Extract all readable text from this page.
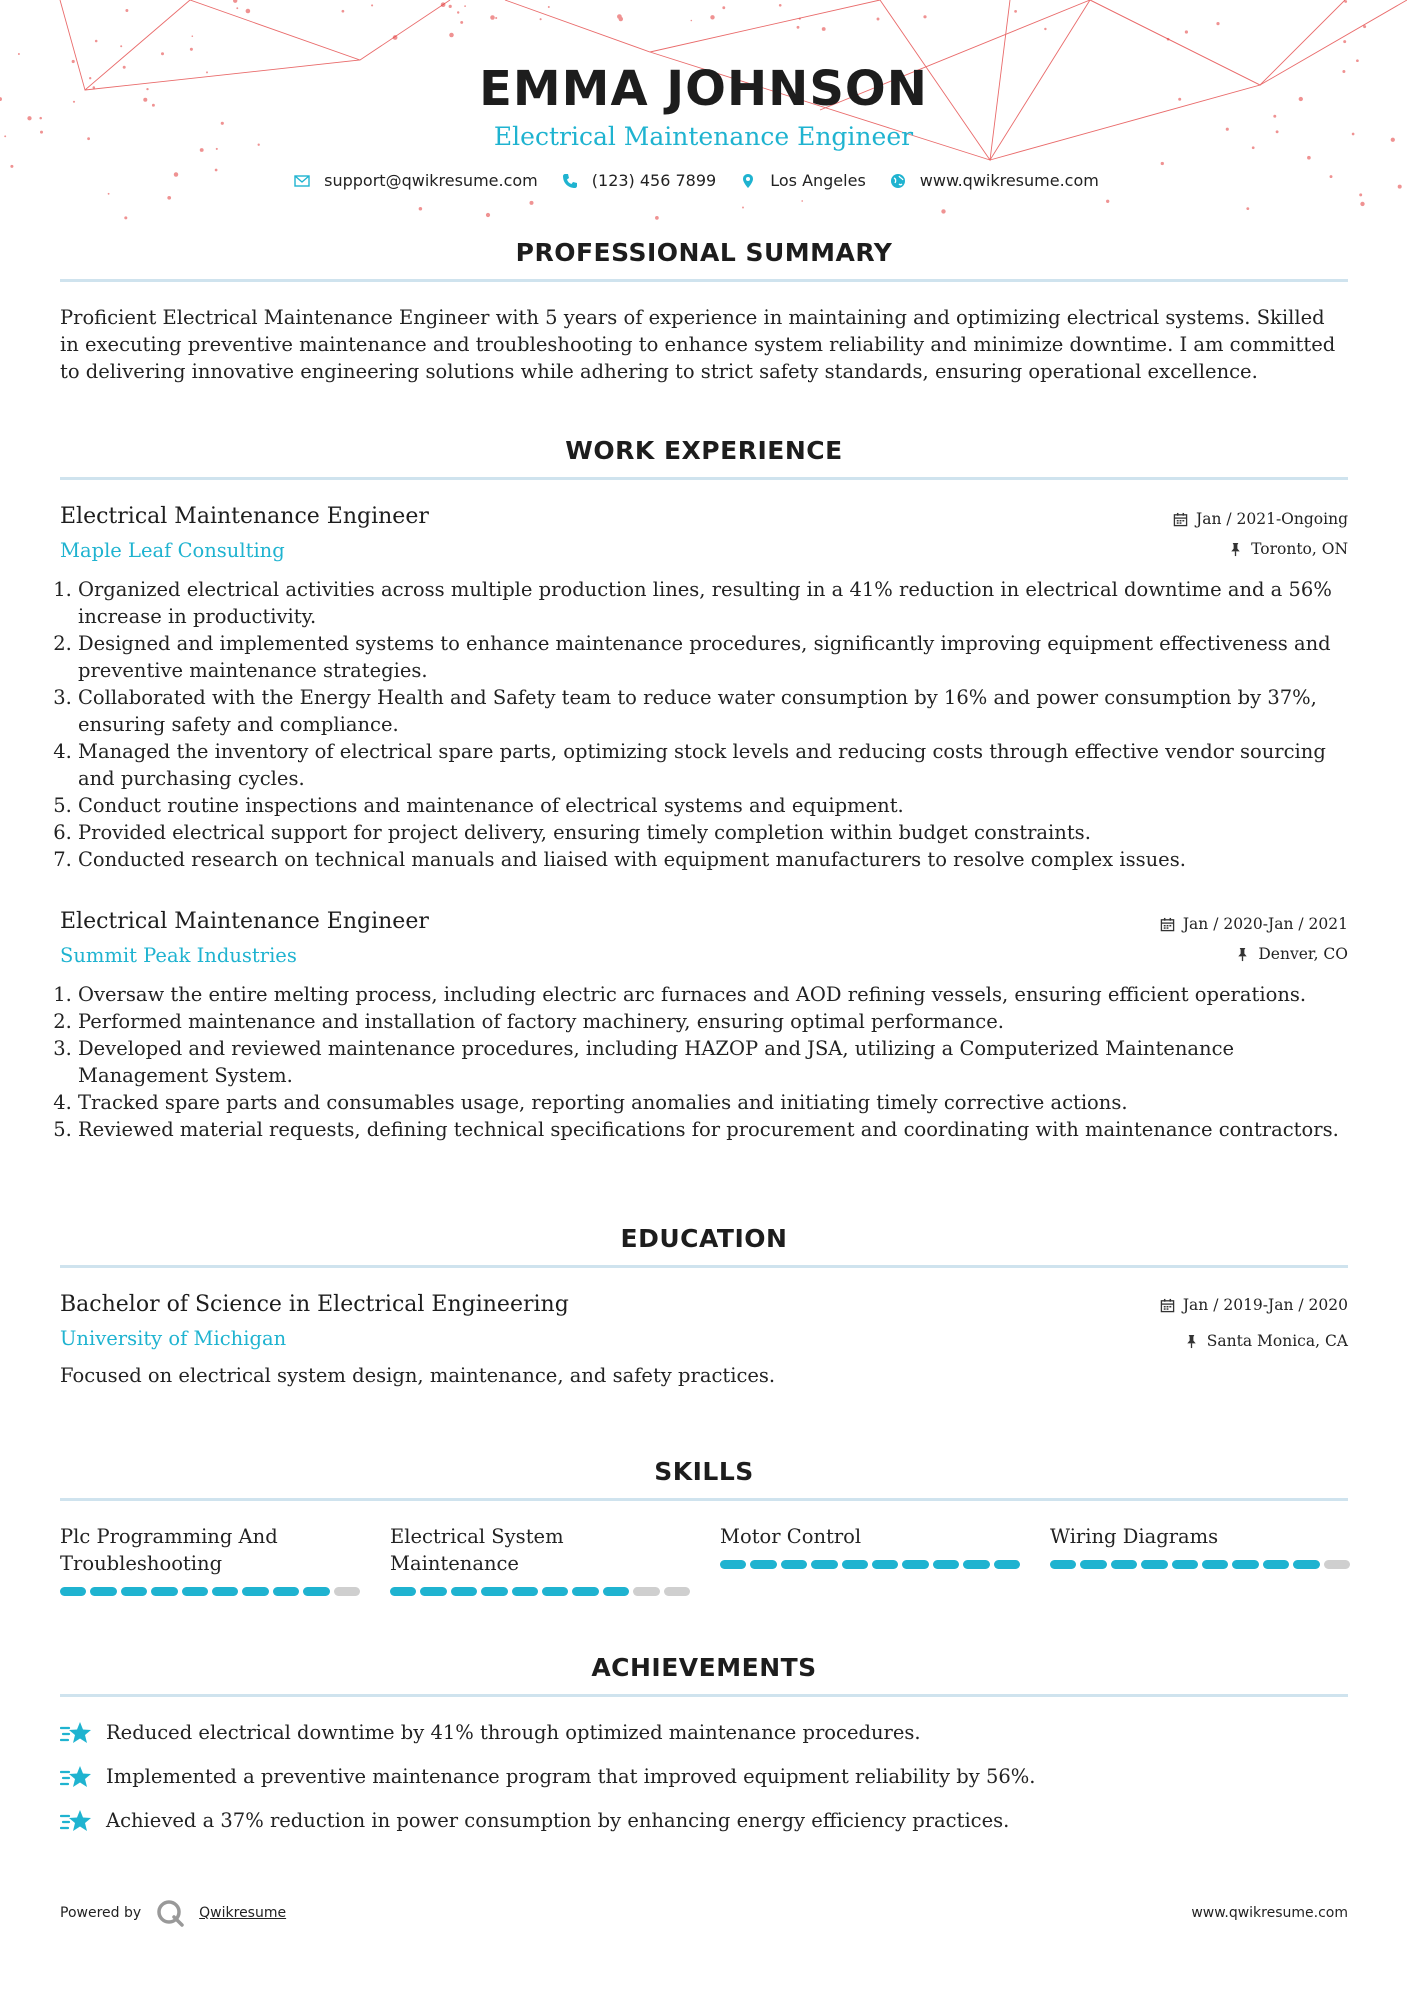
EMMA JOHNSON
Electrical Maintenance Engineer
support@qwikresume.com	(123) 456 7899	Los Angeles	www.qwikresume.com
PROFESSIONAL SUMMARY

Proficient Electrical Maintenance Engineer with 5 years of experience in maintaining and optimizing electrical systems. Skilled in executing preventive maintenance and troubleshooting to enhance system reliability and minimize downtime. I am committed to delivering innovative engineering solutions while adhering to strict safety standards, ensuring operational excellence.

WORK EXPERIENCE
Electrical Maintenance Engineer
Maple Leaf Consulting
Jan / 2021-Ongoing
Toronto, ON
1. Organized electrical activities across multiple production lines, resulting in a 41% reduction in electrical downtime and a 56% increase in productivity.
2. Designed and implemented systems to enhance maintenance procedures, significantly improving equipment effectiveness and preventive maintenance strategies.
3. Collaborated with the Energy Health and Safety team to reduce water consumption by 16% and power consumption by 37%, ensuring safety and compliance.
4. Managed the inventory of electrical spare parts, optimizing stock levels and reducing costs through effective vendor sourcing and purchasing cycles.
5. Conduct routine inspections and maintenance of electrical systems and equipment.
6. Provided electrical support for project delivery, ensuring timely completion within budget constraints.
7. Conducted research on technical manuals and liaised with equipment manufacturers to resolve complex issues.
Electrical Maintenance Engineer
Summit Peak Industries
Jan / 2020-Jan / 2021
Denver, CO
1. Oversaw the entire melting process, including electric arc furnaces and AOD refining vessels, ensuring efficient operations.
2. Performed maintenance and installation of factory machinery, ensuring optimal performance.
3. Developed and reviewed maintenance procedures, including HAZOP and JSA, utilizing a Computerized Maintenance Management System.
4. Tracked spare parts and consumables usage, reporting anomalies and initiating timely corrective actions.
5. Reviewed material requests, defining technical specifications for procurement and coordinating with maintenance contractors.
EDUCATION
Bachelor of Science in Electrical Engineering
University of Michigan
Jan / 2019-Jan / 2020
Santa Monica, CA

Focused on electrical system design, maintenance, and safety practices.

SKILLS
Plc Programming And Troubleshooting
Electrical System Maintenance
Motor Control	Wiring Diagrams
ACHIEVEMENTS
Reduced electrical downtime by 41% through optimized maintenance procedures.
Implemented a preventive maintenance program that improved equipment reliability by 56%.
Achieved a 37% reduction in power consumption by enhancing energy efficiency practices.
Powered by	Qwikresume	www.qwikresume.com
